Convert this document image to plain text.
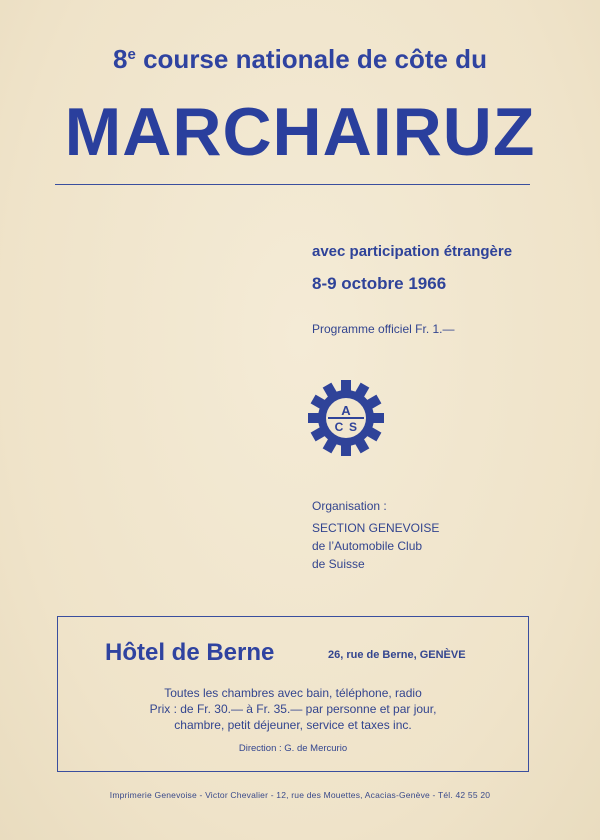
8e course nationale de côte du
MARCHAIRUZ
avec participation étrangère
8-9 octobre 1966
Programme officiel Fr. 1.—
A
C S
Organisation :
SECTION GENEVOISE
de l’Automobile Club
de Suisse
Hôtel de Berne	26, rue de Berne, GENÈVE
Toutes les chambres avec bain, téléphone, radio
Prix : de Fr. 30.— à Fr. 35.— par personne et par jour,
chambre, petit déjeuner, service et taxes inc.
Direction : G. de Mercurio
Imprimerie Genevoise - Victor Chevalier - 12, rue des Mouettes, Acacias-Genève - Tél. 42 55 20
